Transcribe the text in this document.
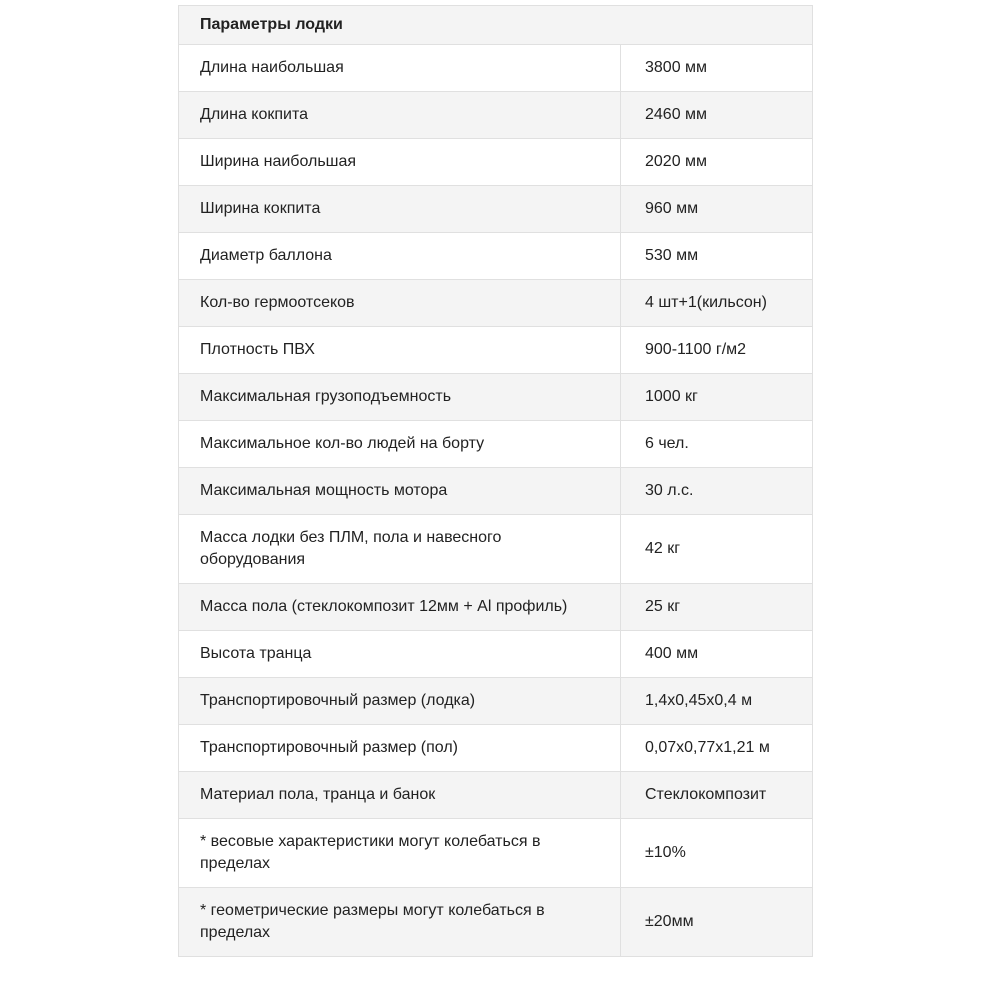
Параметры лодки	
Длина наибольшая	3800 мм
Длина кокпита	2460 мм
Ширина наибольшая	2020 мм
Ширина кокпита	960 мм
Диаметр баллона	530 мм
Кол-во гермоотсеков	4 шт+1(кильсон)
Плотность ПВХ	900-1100 г/м2
Максимальная грузоподъемность	1000 кг
Максимальное кол-во людей на борту	6 чел.
Максимальная мощность мотора	30 л.с.
Масса лодки без ПЛМ, пола и навесного оборудования	42 кг
Масса пола (стеклокомпозит 12мм + Al профиль)	25 кг
Высота транца	400 мм
Транспортировочный размер (лодка)	1,4х0,45х0,4 м
Транспортировочный размер (пол)	0,07х0,77х1,21 м
Материал пола, транца и банок	Стеклокомпозит
* весовые характеристики могут колебаться в пределах	±10%
* геометрические размеры могут колебаться в пределах	±20мм
